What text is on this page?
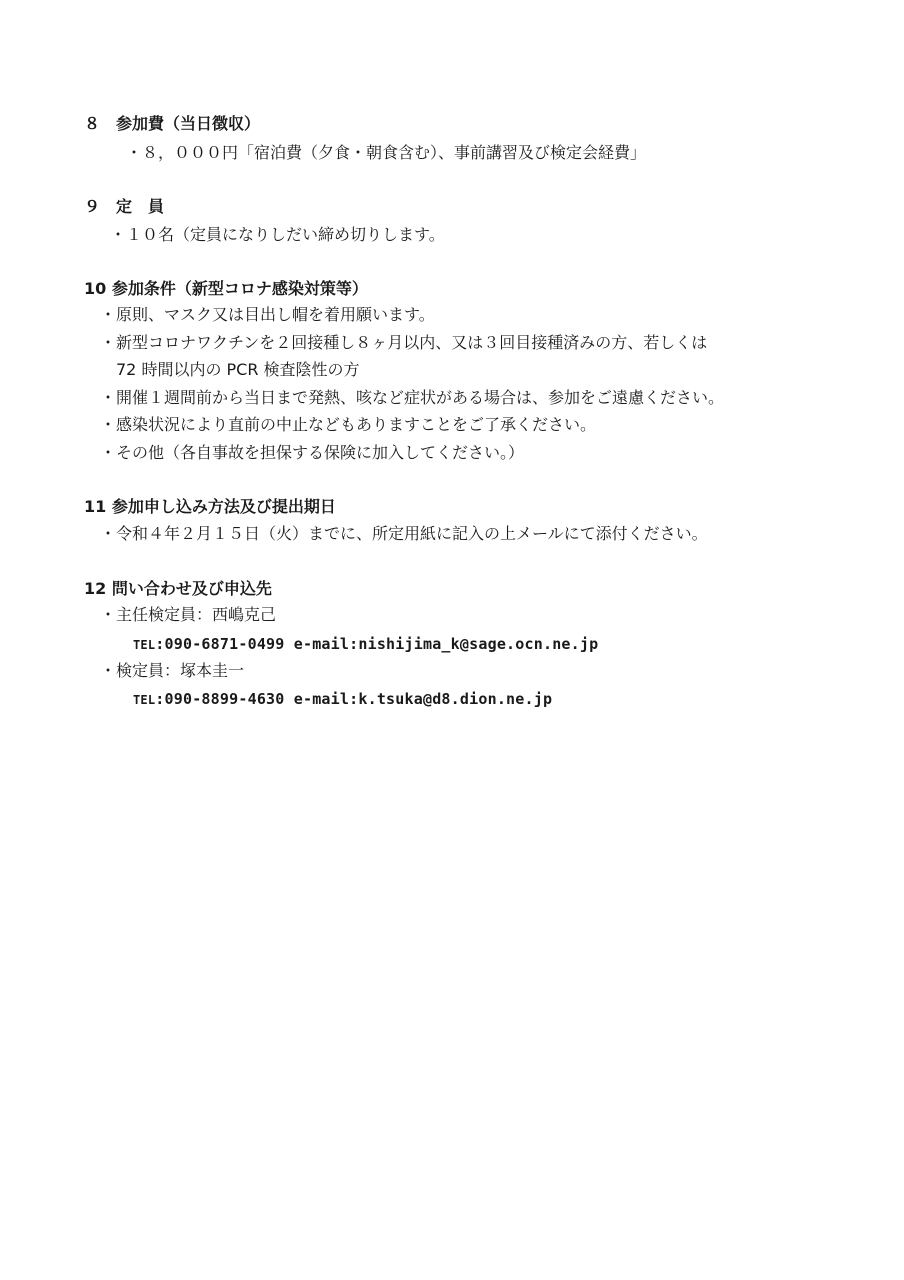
８　参加費（当日徴収）
・８，０００円「宿泊費（夕食・朝食含む）、事前講習及び検定会経費」
９　定　員
・１０名（定員になりしだい締め切りします。
10 参加条件（新型コロナ感染対策等）
・原則、マスク又は目出し帽を着用願います。
・新型コロナワクチンを２回接種し８ヶ月以内、又は３回目接種済みの方、若しくは
72 時間以内の PCR 検査陰性の方
・開催１週間前から当日まで発熱、咳など症状がある場合は、参加をご遠慮ください。
・感染状況により直前の中止などもありますことをご了承ください。
・その他（各自事故を担保する保険に加入してください。）
11 参加申し込み方法及び提出期日
・令和４年２月１５日（火）までに、所定用紙に記入の上メールにて添付ください。
12 問い合わせ及び申込先
・主任検定員：西嶋克己
TEL:090-6871-0499 e-mail:nishijima_k@sage.ocn.ne.jp
・検定員：塚本圭一
TEL:090-8899-4630 e-mail:k.tsuka@d8.dion.ne.jp
